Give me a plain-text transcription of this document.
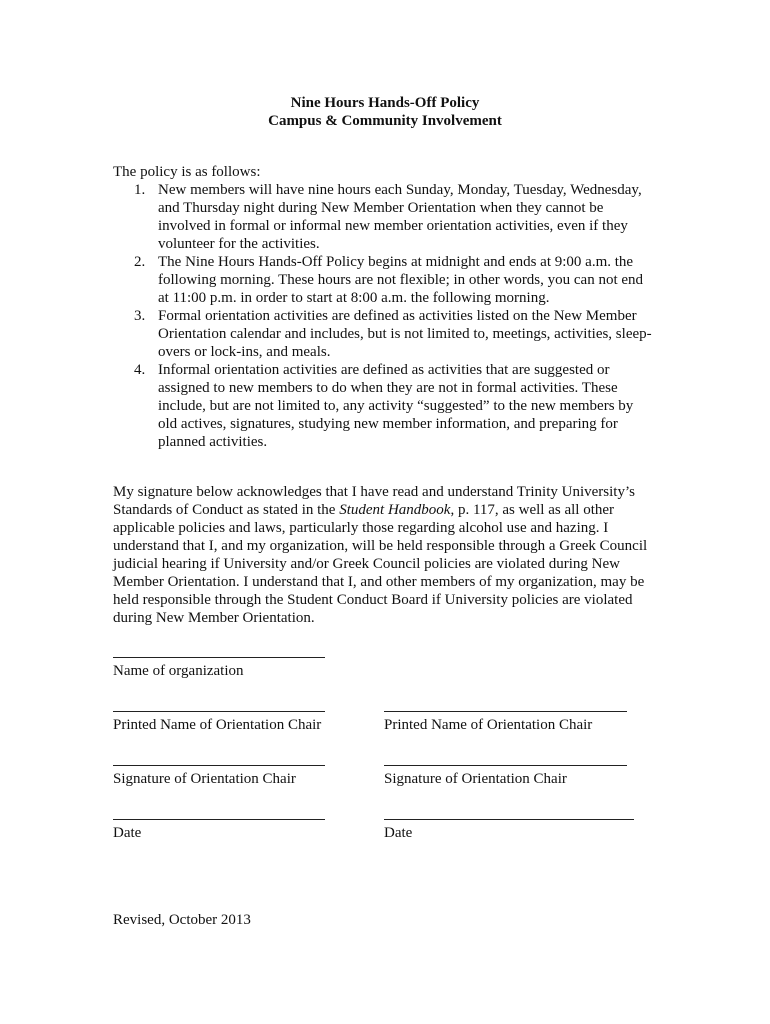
Nine Hours Hands-Off Policy
Campus & Community Involvement
The policy is as follows:
1. New members will have nine hours each Sunday, Monday, Tuesday, Wednesday,
and Thursday night during New Member Orientation when they cannot be
involved in formal or informal new member orientation activities, even if they
volunteer for the activities.
2. The Nine Hours Hands-Off Policy begins at midnight and ends at 9:00 a.m. the
following morning. These hours are not flexible; in other words, you can not end
at 11:00 p.m. in order to start at 8:00 a.m. the following morning.
3. Formal orientation activities are defined as activities listed on the New Member
Orientation calendar and includes, but is not limited to, meetings, activities, sleep-
overs or lock-ins, and meals.
4. Informal orientation activities are defined as activities that are suggested or
assigned to new members to do when they are not in formal activities. These
include, but are not limited to, any activity “suggested” to the new members by
old actives, signatures, studying new member information, and preparing for
planned activities.
My signature below acknowledges that I have read and understand Trinity University’s
Standards of Conduct as stated in the Student Handbook, p. 117, as well as all other
applicable policies and laws, particularly those regarding alcohol use and hazing. I
understand that I, and my organization, will be held responsible through a Greek Council
judicial hearing if University and/or Greek Council policies are violated during New
Member Orientation. I understand that I, and other members of my organization, may be
held responsible through the Student Conduct Board if University policies are violated
during New Member Orientation.
Name of organization
Printed Name of Orientation Chair	Printed Name of Orientation Chair
Signature of Orientation Chair	Signature of Orientation Chair
Date	Date
Revised, October 2013
